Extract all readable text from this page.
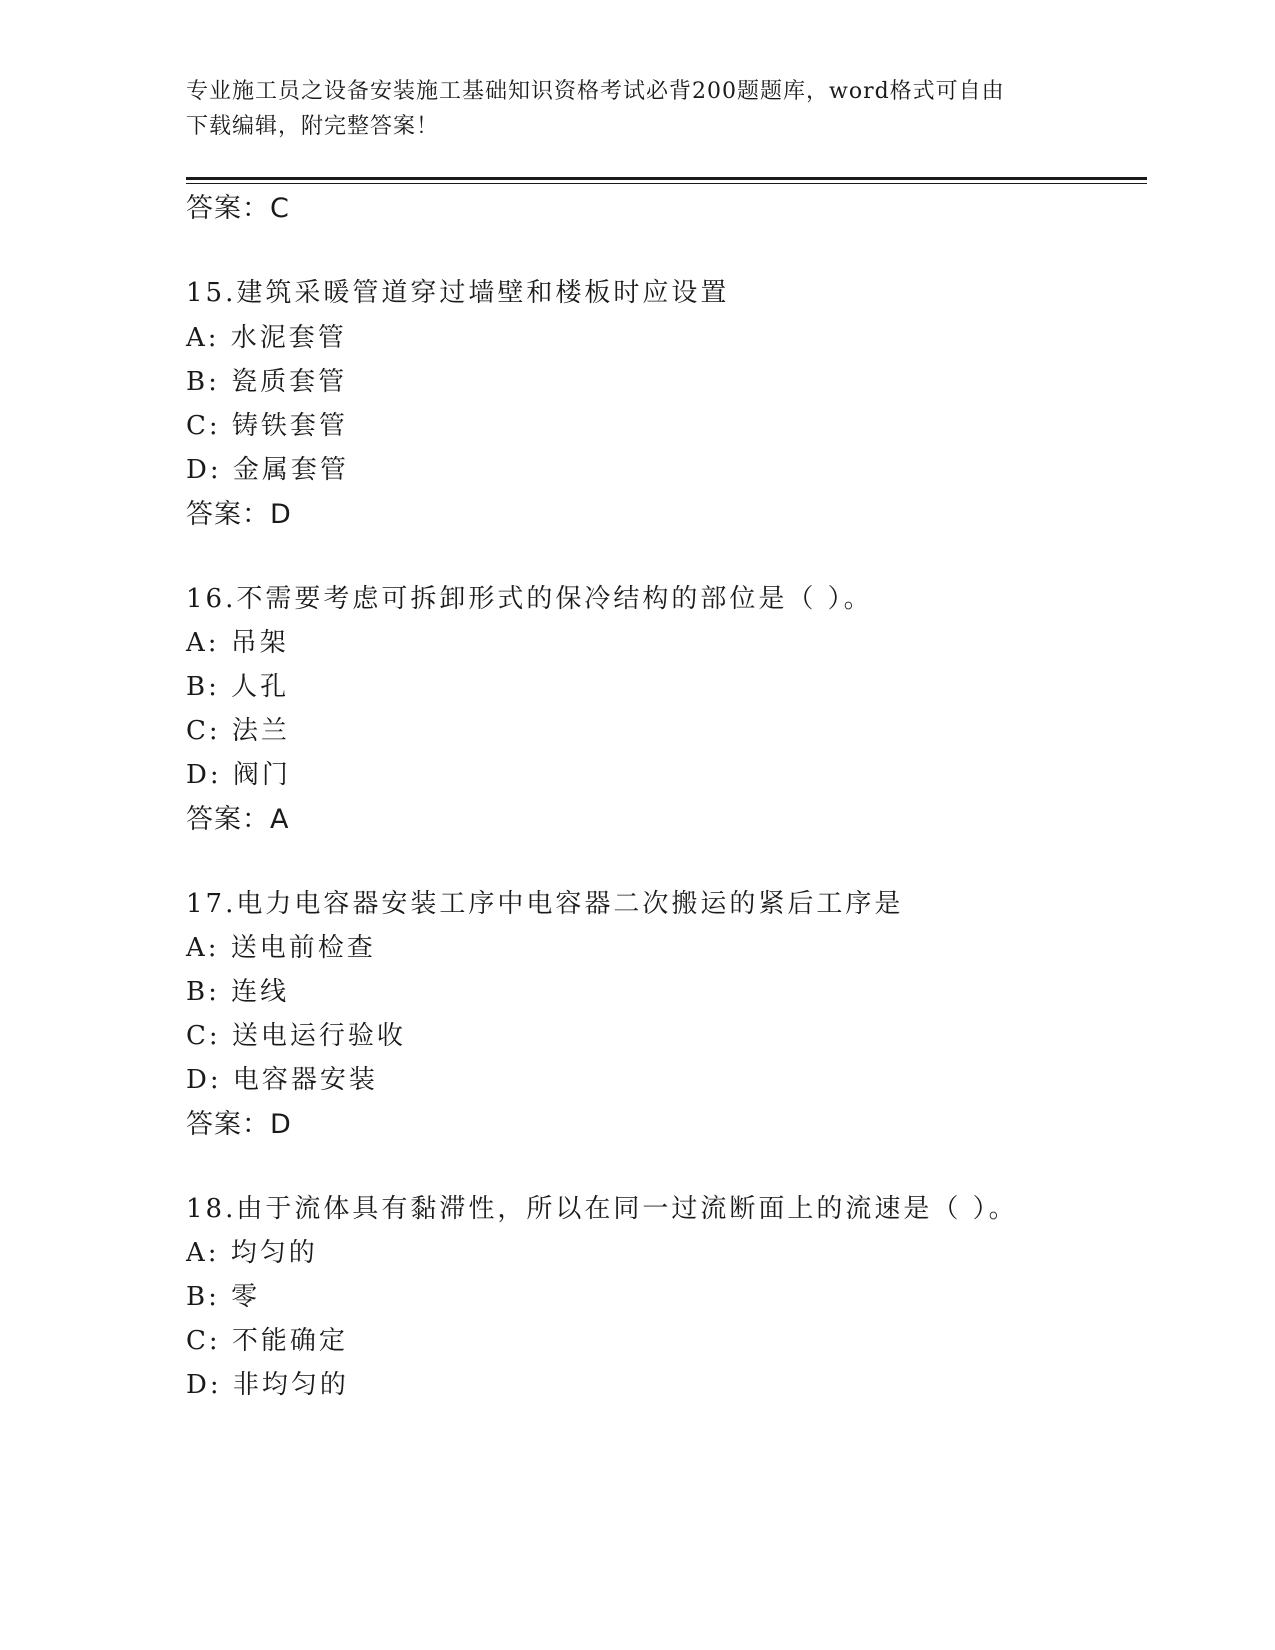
专业施工员之设备安装施工基础知识资格考试必背200题题库，word格式可自由
下载编辑，附完整答案！
答案：C
15.建筑采暖管道穿过墙壁和楼板时应设置
A: 水泥套管
B: 瓷质套管
C: 铸铁套管
D: 金属套管
答案：D
16.不需要考虑可拆卸形式的保冷结构的部位是（ ）。
A: 吊架
B: 人孔
C: 法兰
D: 阀门
答案：A
17.电力电容器安装工序中电容器二次搬运的紧后工序是
A: 送电前检查
B: 连线
C: 送电运行验收
D: 电容器安装
答案：D
18.由于流体具有黏滞性，所以在同一过流断面上的流速是（ ）。
A: 均匀的
B: 零
C: 不能确定
D: 非均匀的
